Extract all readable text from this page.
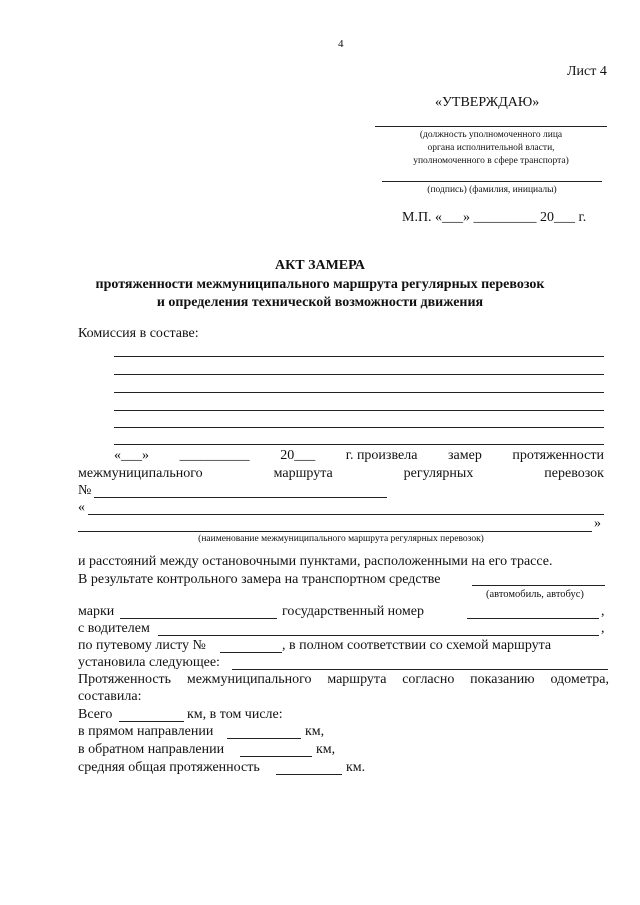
4
Лист 4
«УТВЕРЖДАЮ»
(должность уполномоченного лица
органа исполнительной власти,
уполномоченного в сфере транспорта)
(подпись) (фамилия, инициалы)
М.П. «___» _________ 20___ г.
АКТ ЗАМЕРА
протяженности межмуниципального маршрута регулярных перевозок
и определения технической возможности движения
Комиссия в составе:
«___» __________ 20___ г. произвела замер протяженности
межмуниципального	маршрута	регулярных	перевозок
№
«
»
(наименование межмуниципального маршрута регулярных перевозок)
и расстояний между остановочными пунктами, расположенными на его трассе.
В результате контрольного замера на транспортном средстве
(автомобиль, автобус)
марки	государственный номер	,
с водителем	,
по путевому листу №	, в полном соответствии со схемой маршрута
установила следующее:
Протяженность межмуниципального маршрута согласно показанию одометра,
составила:
Всего	км, в том числе:
в прямом направлении	км,
в обратном направлении	км,
средняя общая протяженность	км.
